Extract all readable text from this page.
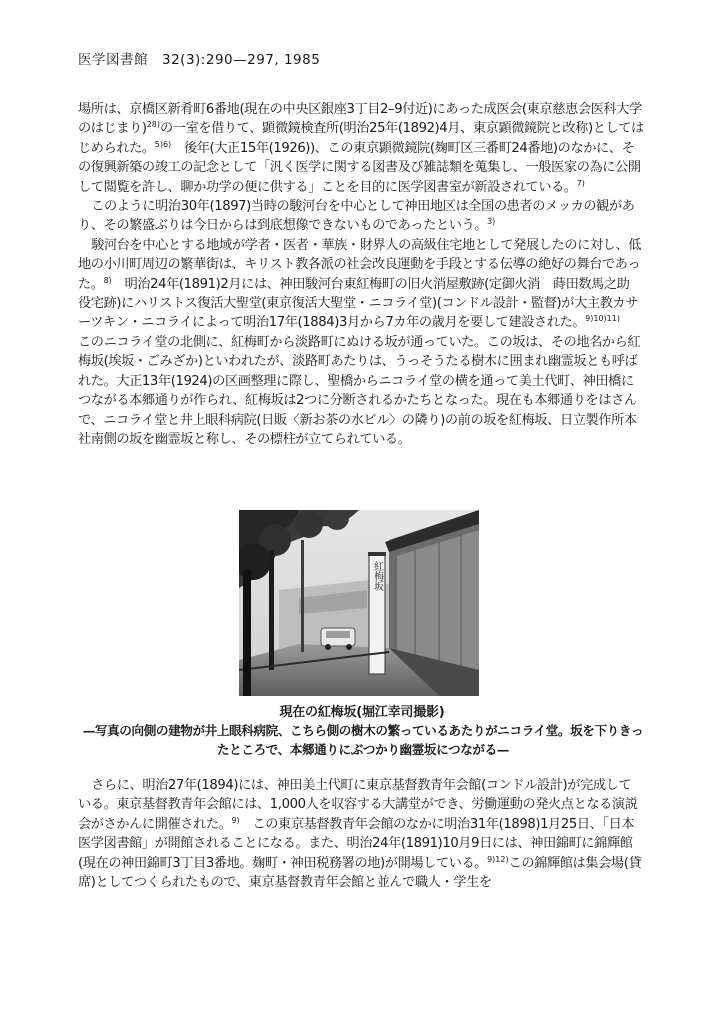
医学図書館　32(3):290—297, 1985

場所は、京橋区新肴町6番地(現在の中央区銀座3丁目2–9付近)にあった成医会(東京慈恵会医科大学のはじまり)$^{28)}$の一室を借りて、顕微鏡検査所(明治25年(1892)4月、東京顕微鏡院と改称)としてはじめられた。$^{5)6)}$　後年(大正15年(1926))、この東京顕微鏡院(麹町区三番町24番地)のなかに、その復興新築の竣工の記念として「汎く医学に関する図書及び雑誌類を蒐集し、一般医家の為に公開して閲覧を許し、聊か功学の便に供する」ことを目的に医学図書室が新設されている。$^{7)}$

このように明治30年(1897)当時の駿河台を中心として神田地区は全国の患者のメッカの観があり、その繁盛ぶりは今日からは到底想像できないものであったという。$^{3)}$

駿河台を中心とする地域が学者・医者・華族・財界人の高級住宅地として発展したのに対し、低地の小川町周辺の繁華街は、キリスト教各派の社会改良運動を手段とする伝導の絶好の舞台であった。$^{8)}$　明治24年(1891)2月には、神田駿河台東紅梅町の旧火消屋敷跡(定御火消　蒔田数馬之助　役宅跡)にハリストス復活大聖堂(東京復活大聖堂・ニコライ堂)(コンドル設計・監督)が大主教カサーツキン・ニコライによって明治17年(1884)3月から7カ年の歳月を要して建設された。$^{9)10)11)}$　このニコライ堂の北側に、紅梅町から淡路町にぬける坂が通っていた。この坂は、その地名から紅梅坂(埃坂・ごみざか)といわれたが、淡路町あたりは、うっそうたる樹木に囲まれ幽霊坂とも呼ばれた。大正13年(1924)の区画整理に際し、聖橋からニコライ堂の横を通って美土代町、神田橋につながる本郷通りが作られ、紅梅坂は2つに分断されるかたちとなった。現在も本郷通りをはさんで、ニコライ堂と井上眼科病院(日販〈新お茶の水ビル〉の隣り)の前の坂を紅梅坂、日立製作所本社南側の坂を幽霊坂と称し、その標柱が立てられている。

紅梅坂
現在の紅梅坂(堀江幸司撮影)
—写真の向側の建物が井上眼科病院、こちら側の樹木の繁っているあたりがニコライ堂。坂を下りきったところで、本郷通りにぶつかり幽霊坂につながる—

さらに、明治27年(1894)には、神田美土代町に東京基督教青年会館(コンドル設計)が完成している。東京基督教青年会館には、1,000人を収容する大講堂ができ、労働運動の発火点となる演説会がさかんに開催された。$^{9)}$　この東京基督教青年会館のなかに明治31年(1898)1月25日、「日本医学図書館」が開館されることになる。また、明治24年(1891)10月9日には、神田錦町に錦輝館(現在の神田錦町3丁目3番地。麹町・神田税務署の地)が開場している。$^{9)12)}$この錦輝館は集会場(貸席)としてつくられたもので、東京基督教青年会館と並んで職人・学生を
